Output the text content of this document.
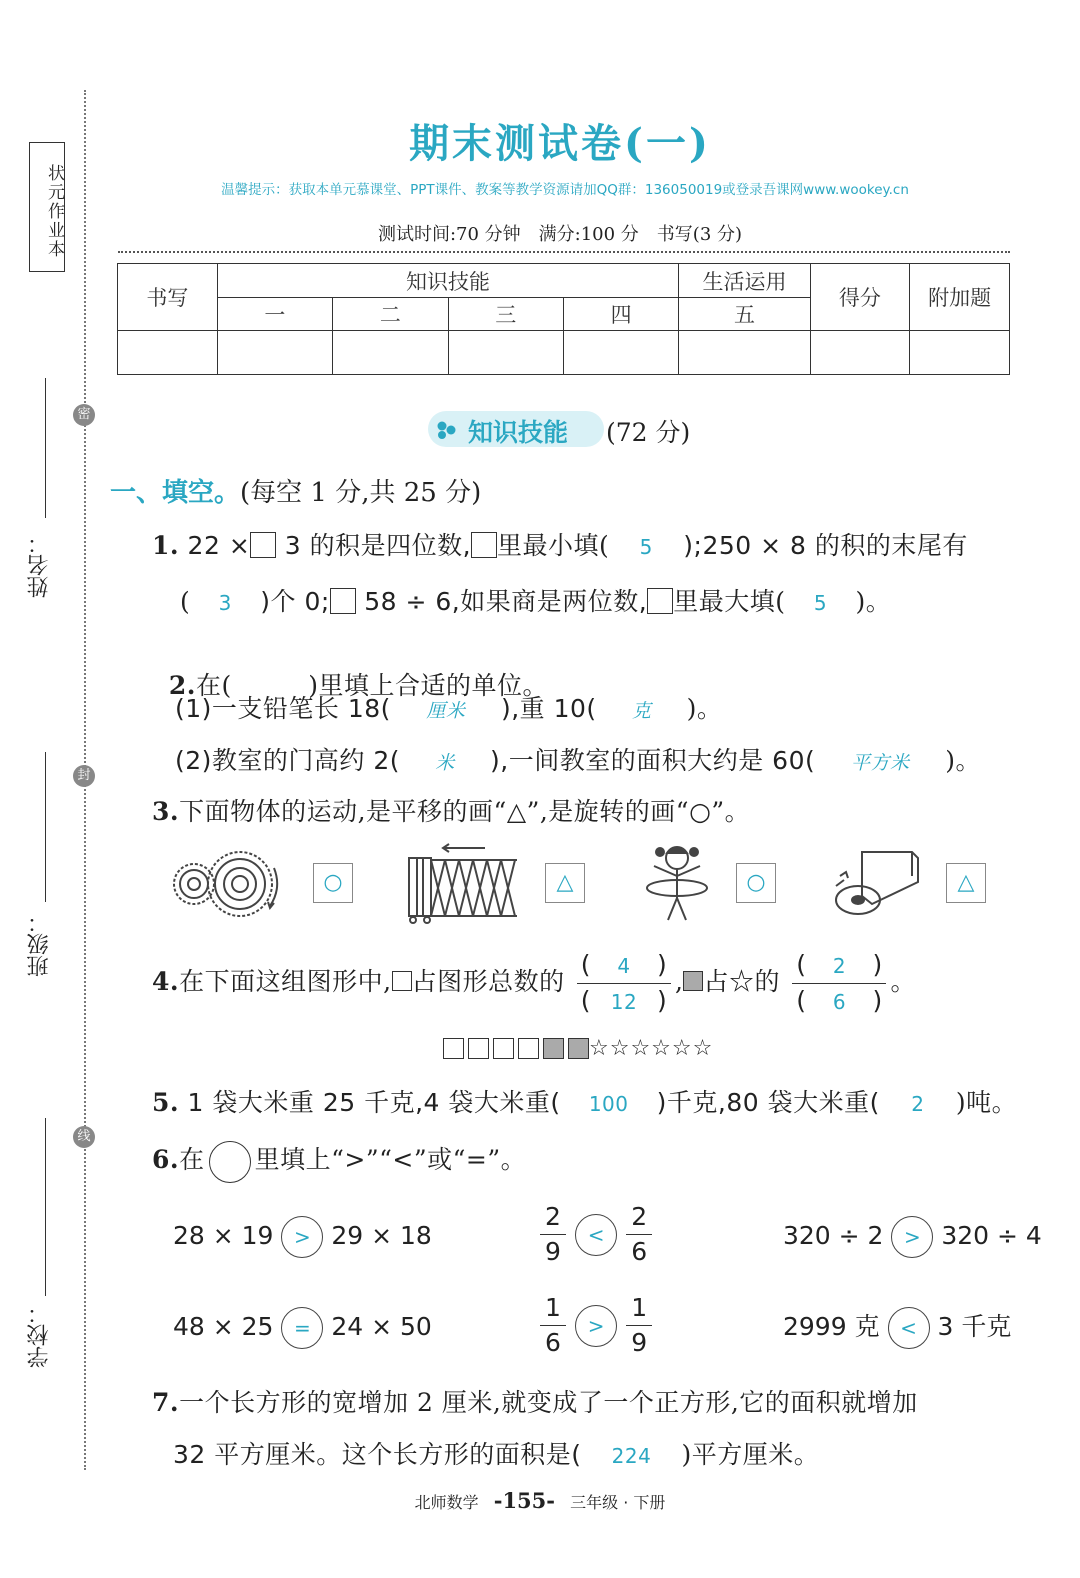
状元作业本
密
封
线
姓名：
班级：
学校：
期末测试卷(一)
温馨提示：获取本单元慕课堂、PPT课件、教案等教学资源请加QQ群：136050019或登录吾课网www.wookey.cn
测试时间:70 分钟　满分:100 分　书写(3 分)
书写	知识技能				生活运用	得分	附加题
	一	二	三	四	五		

知识技能 (72 分)
一、填空。(每空 1 分,共 25 分)
1. 22 × 3 的积是四位数, 里最小填( 5 );250 × 8 的积的末尾有
( 3 )个 0; 58 ÷ 6,如果商是两位数, 里最大填( 5 )。

2.在(　　　)里填上合适的单位。

(1)一支铅笔长 18( 厘米 ),重 10( 克 )。
(2)教室的门高约 2( 米 ),一间教室的面积大约是 60( 平方米 )。
3.下面物体的运动,是平移的画“△”,是旋转的画“○”。
○	△	○	△
4.在下面这组图形中, 占图形总数的 $\frac{( 4 )}{( 12 )}$ , 占☆的 $\frac{( 2 )}{( 6 )}$ 。
☆☆☆☆☆☆
5. 1 袋大米重 25 千克,4 袋大米重( 100 )千克,80 袋大米重( 2 )吨。
6.在 里填上“>”“<”或“=”。
28 × 19 > 29 × 18	$\frac{2}{9} < \frac{2}{6}$	320 ÷ 2 > 320 ÷ 4
48 × 25 = 24 × 50	$\frac{1}{6} > \frac{1}{9}$	2999 克 < 3 千克
7.一个长方形的宽增加 2 厘米,就变成了一个正方形,它的面积就增加
32 平方厘米。这个长方形的面积是( 224 )平方厘米。
北师数学 -155- 三年级 · 下册
